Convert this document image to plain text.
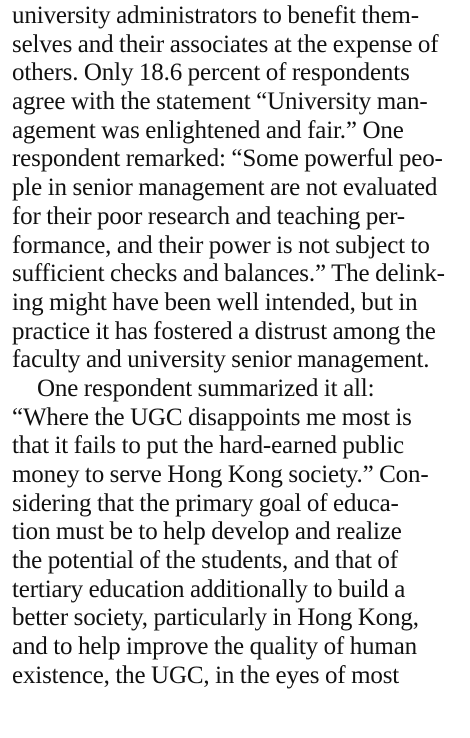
university administrators to benefit them-
selves and their associates at the expense of
others. Only 18.6 percent of respondents
agree with the statement “University man-
agement was enlightened and fair.” One
respondent remarked: “Some powerful peo-
ple in senior management are not evaluated
for their poor research and teaching per-
formance, and their power is not subject to
sufficient checks and balances.” The delink-
ing might have been well intended, but in
practice it has fostered a distrust among the
faculty and university senior management.
One respondent summarized it all:
“Where the UGC disappoints me most is
that it fails to put the hard-earned public
money to serve Hong Kong society.” Con-
sidering that the primary goal of educa-
tion must be to help develop and realize
the potential of the students, and that of
tertiary education additionally to build a
better society, particularly in Hong Kong,
and to help improve the quality of human
existence, the UGC, in the eyes of most
